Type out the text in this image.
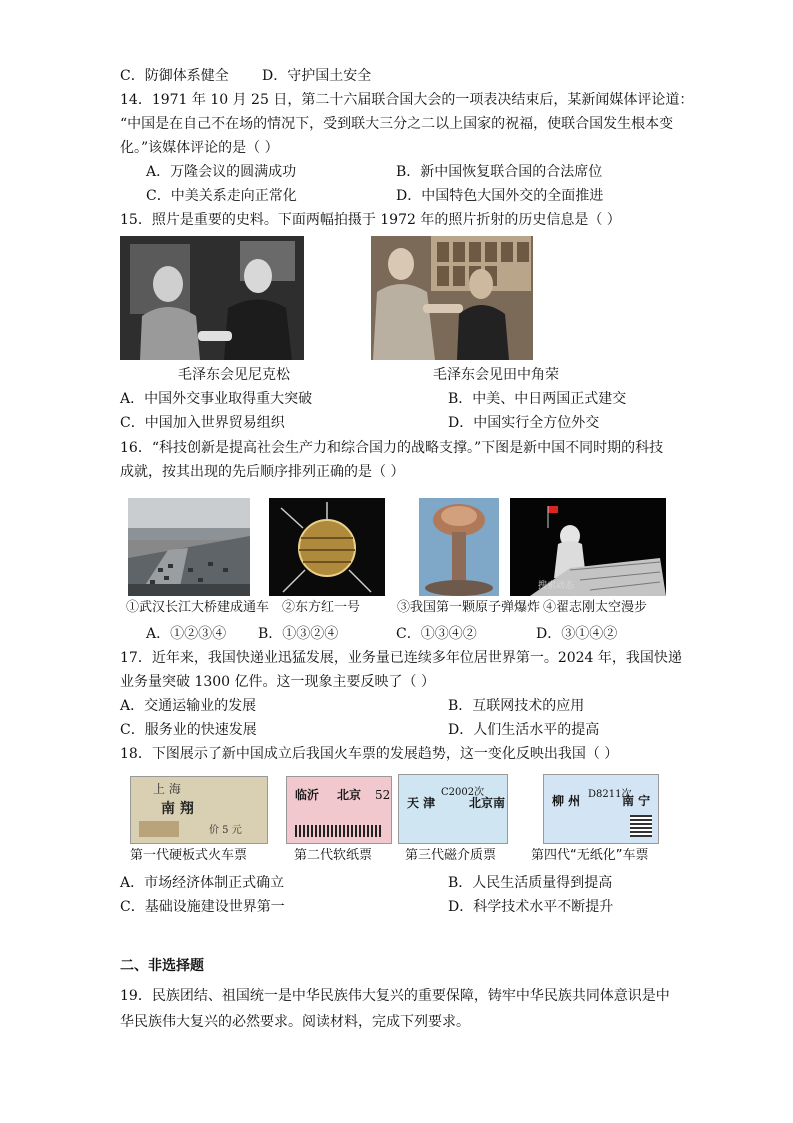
C．防御体系健全 D．守护国土安全
14．1971 年 10 月 25 日，第二十六届联合国大会的一项表决结束后，某新闻媒体评论道：
“中国是在自己不在场的情况下，受到联大三分之二以上国家的祝福，使联合国发生根本变
化。”该媒体评论的是（ ）
A．万隆会议的圆满成功	B．新中国恢复联合国的合法席位
C．中美关系走向正常化	D．中国特色大国外交的全面推进
15．照片是重要的史料。下面两幅拍摄于 1972 年的照片折射的历史信息是（ ）
毛泽东会见尼克松	毛泽东会见田中角荣
A．中国外交事业取得重大突破	B．中美、中日两国正式建交
C．中国加入世界贸易组织	D．中国实行全方位外交
16．“科技创新是提高社会生产力和综合国力的战略支撑。”下图是新中国不同时期的科技
成就，按其出现的先后顺序排列正确的是（ ）
搜索动态
①武汉长江大桥建成通车 ②东方红一号	③我国第一颗原子弹爆炸 ④翟志刚太空漫步
A．①②③④ B．①③②④	C．①③④②	D．③①④②
17．近年来，我国快递业迅猛发展，业务量已连续多年位居世界第一。2024 年，我国快递
业务量突破 1300 亿件。这一现象主要反映了（ ）
A．交通运输业的发展	B．互联网技术的应用
C．服务业的快速发展	D．人们生活水平的提高
18．下图展示了新中国成立后我国火车票的发展趋势，这一变化反映出我国（ ）
上 海
南 翔
价 5 元
临沂 北京 52
天 津
C2002次
北京南	柳 州 D8211次
南 宁
第一代硬板式火车票	第二代软纸票	第三代磁介质票	第四代“无纸化”车票
A．市场经济体制正式确立	B．人民生活质量得到提高
C．基础设施建设世界第一	D．科学技术水平不断提升
二、非选择题
19．民族团结、祖国统一是中华民族伟大复兴的重要保障，铸牢中华民族共同体意识是中
华民族伟大复兴的必然要求。阅读材料，完成下列要求。
